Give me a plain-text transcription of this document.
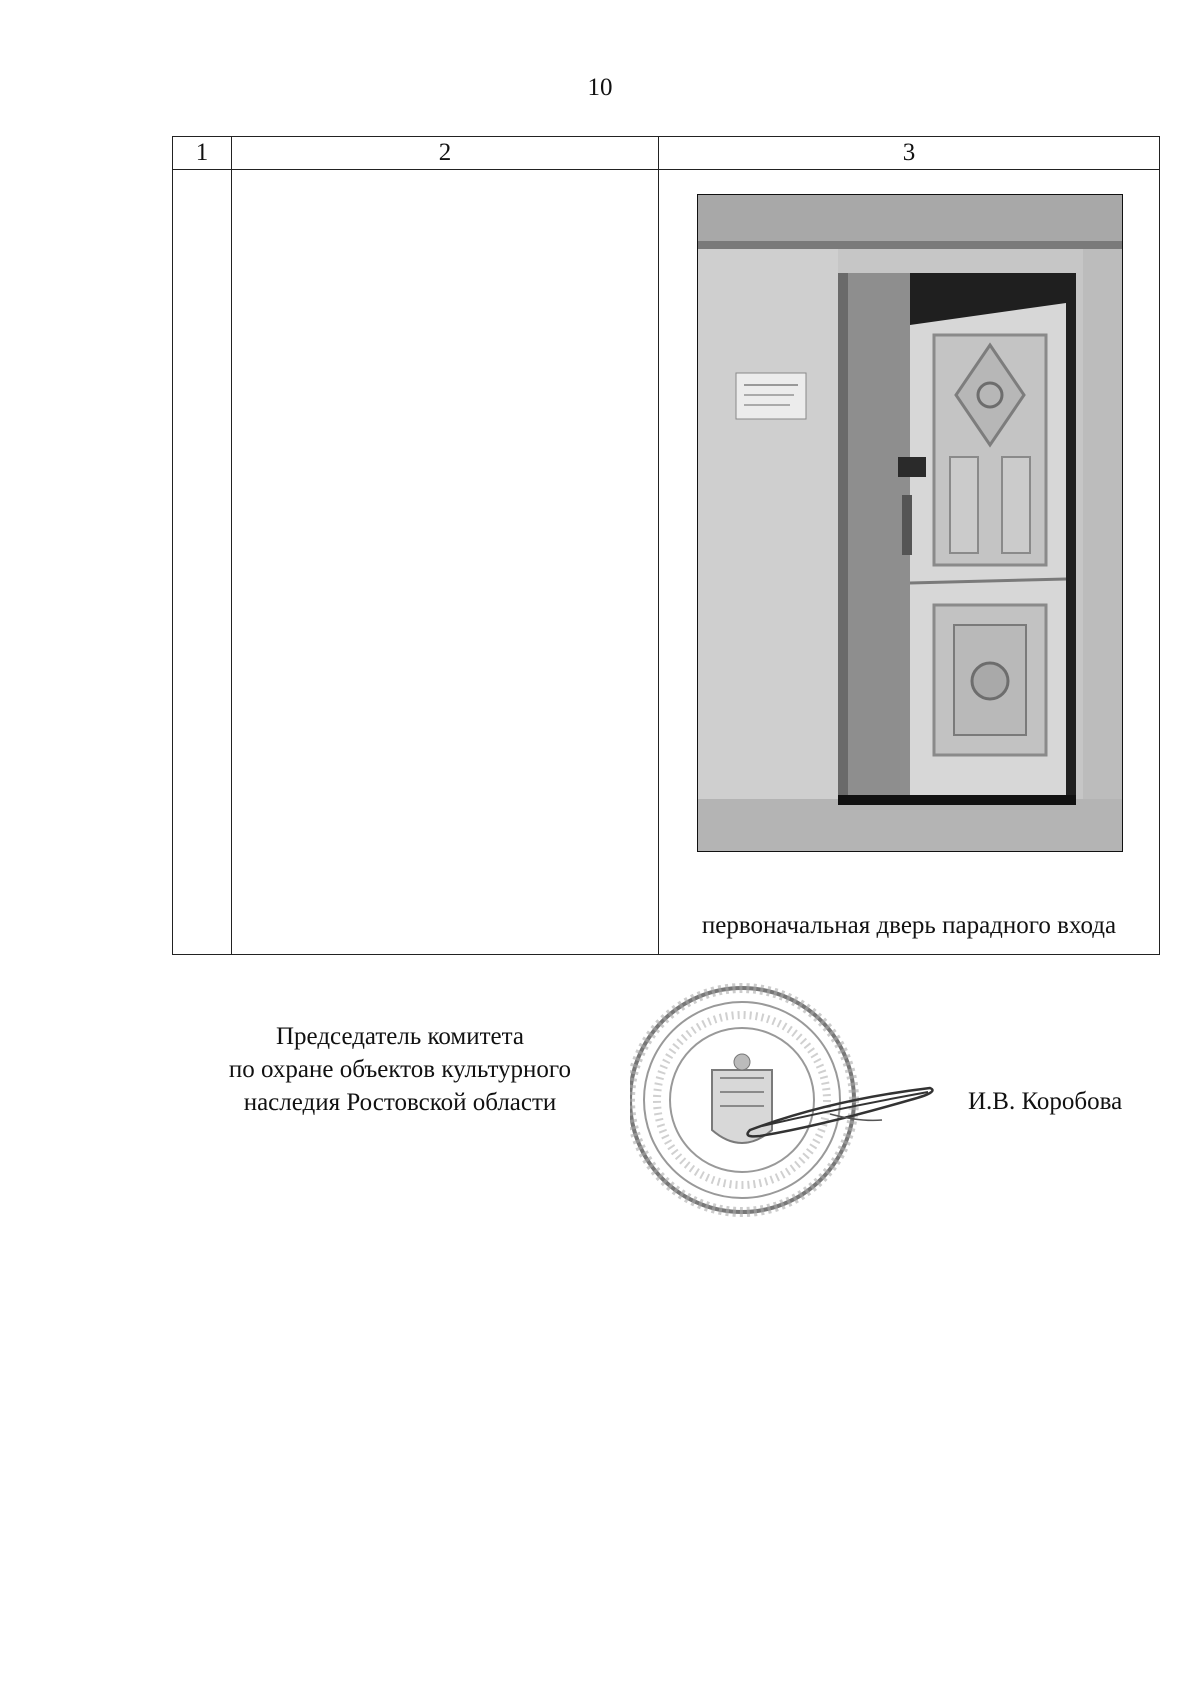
10
1	2	3

		первоначальная дверь парадного входа
Председатель комитета
по охране объектов культурного
наследия Ростовской области	И.В. Коробова
